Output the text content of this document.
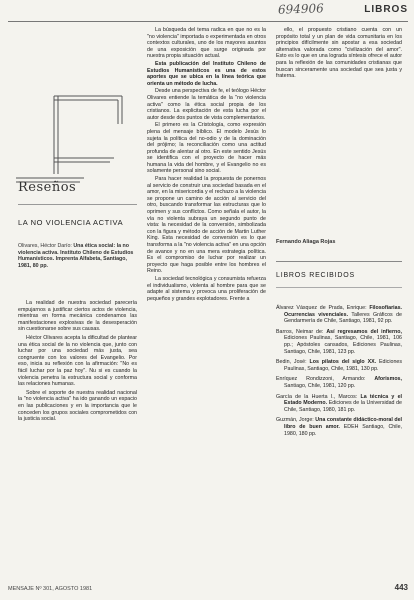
694906	LIBROS
Reseños
LA NO VIOLENCIA ACTIVA
Olivares, Héctor Darío: Una ética social: la no violencia activa. Instituto Chileno de Estudios Humanísticos. Imprenta Alfabeta, Santiago, 1981, 80 pp.

La realidad de nuestra sociedad parecería empujarnos a justificar ciertos actos de violencia, mientras en forma mecánica condenamos las manifestaciones explosivas de la desesperación sin cuestionarse sobre sus causas.

Héctor Olivares acepta la dificultad de plantear una ética social de la no violencia que, junto con luchar por una sociedad más justa, sea congruente con los valores del Evangelio. Por eso, inicia su reflexión con la afirmación: "No es fácil luchar por la paz hoy". Nu si es cuando la violencia penetra la estructura social y conforma las relaciones humanas.

Sobre el soporte de nuestra realidad nacional la "no violencia activa" ha ido ganando un espacio en las publicaciones y en la importancia que le conceden los grupos sociales comprometidos con la justicia social.

La búsqueda del tema radica en que no es la "no violencia" importada o experimentada en otros contextos culturales, uno de los mayores asuntos de una exposición que surge originada por nuestra propia situación actual.

Esta publicación del Instituto Chileno de Estudios Humanísticos es una de estos aportes que se ubica en la línea teórica que orienta un método de lucha.

Desde una perspectiva de fe, el teólogo Héctor Olivares entiende la temática de la "no violencia activa" como la ética social propia de los cristianos. La explicitación de esta lucha por el autor desde dos puntos de vista complementarios.

El primero es la Cristología, como expresión plena del mensaje bíblico. El modelo Jesús lo sujeta la política del no-odio y de la dominación del prójimo; la reconciliación como una actitud profunda de alentar al otro. En este sentido Jesús se identifica con el proyecto de hacer más humana la vida del hombre, y el Evangelio no es solamente personal sino social.

Para hacer realidad la propuesta de ponernos al servicio de construir una sociedad basada en el amor, en la misericordia y el rechazo a la violencia se propone un camino de acción al servicio del otro, buscando transformar las estructuras que lo oprimen y sus conflictos. Como señala el autor, la vía no violenta subraya un segundo punto de vista: la necesidad de la conversión, simbolizada con la figura y método de acción de Martin Luther King. Esta necesidad de conversión es lo que transforma a la "no violencia activa" en una opción de avance y no en una mera estrategia política. Es el compromiso de luchar por realizar un proyecto que haga posible entre los hombres el Reino.

La sociedad tecnológica y consumista refuerza el individualismo, violenta al hombre para que se adapte al sistema y provoca una proliferación de pequeños y grandes explotadores. Frente a

ello, el propuesto cristiano cuenta con un propósito total y un plan de vida comunitaria en los principios difícilmente sin apostar a esa sociedad alternativa valorada como "civilización del amor". Esto es lo que en una lograda síntesis ofrece el autor para la reflexión de las comunidades cristianas que buscan sinceramente una sociedad que sea justa y fraterna.

Fernando Aliaga Rojas
LIBROS RECIBIDOS

Álvarez Vásquez de Prada, Enrique: Filosofíarias. Ocurrencias vivenciales. Talleres Gráficos de Gendarmería de Chile, Santiago, 1981, 92 pp.

Barros, Neimar de: Así regresamos del infierno, Ediciones Paulinas, Santiago, Chile, 1981, 106 pp.; Apóstoles cansados, Ediciones Paulinas, Santiago, Chile, 1981, 123 pp.

Bedin, José: Los pilatos del siglo XX. Ediciones Paulinas, Santiago, Chile, 1981, 130 pp.

Enríquez Rondizzoni, Armando: Aforismos, Santiago, Chile, 1981, 120 pp.

García de la Huerta I., Marcos: La técnica y el Estado Moderno. Ediciones de la Universidad de Chile, Santiago, 1980, 181 pp.

Guzmán, Jorge: Una constante didáctico-moral del libro de buen amor. EDEH Santiago, Chile, 1980, 180 pp.

MENSAJE Nº 301, AGOSTO 1981	443
